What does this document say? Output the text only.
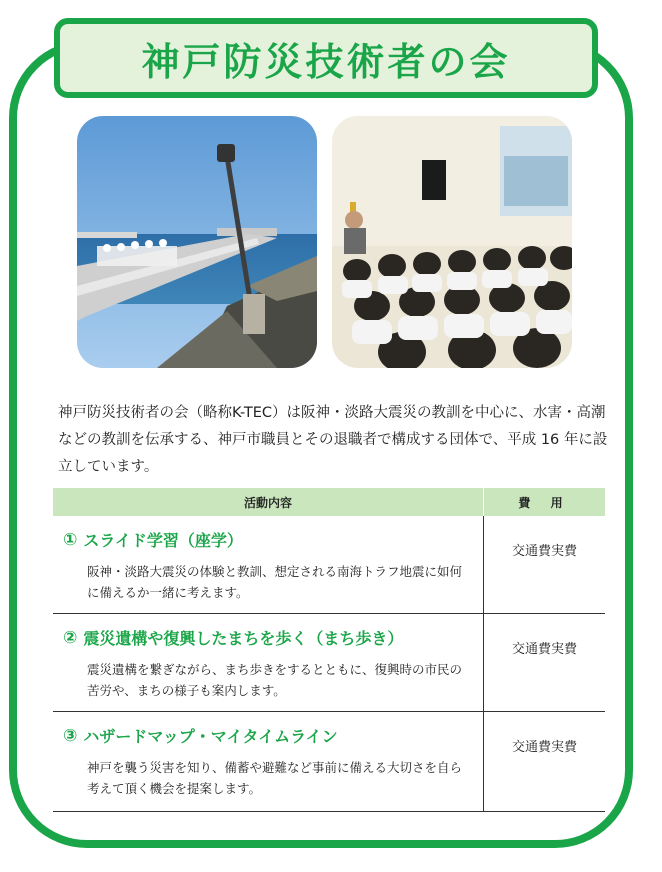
神戸防災技術者の会

神戸防災技術者の会（略称K-TEC）は阪神・淡路大震災の教訓を中心に、水害・高潮などの教訓を伝承する、神戸市職員とその退職者で構成する団体で、平成 16 年に設立しています。

活動内容	費 用

① スライド学習（座学）
阪神・淡路大震災の体験と教訓、想定される南海トラフ地震に如何に備えるか一緒に考えます。	交通費実費

② 震災遺構や復興したまちを歩く（まち歩き）
震災遺構を繋ぎながら、まち歩きをするとともに、復興時の市民の苦労や、まちの様子も案内します。	交通費実費

③ ハザードマップ・マイタイムライン
神戸を襲う災害を知り、備蓄や避難など事前に備える大切さを自ら考えて頂く機会を提案します。	交通費実費
